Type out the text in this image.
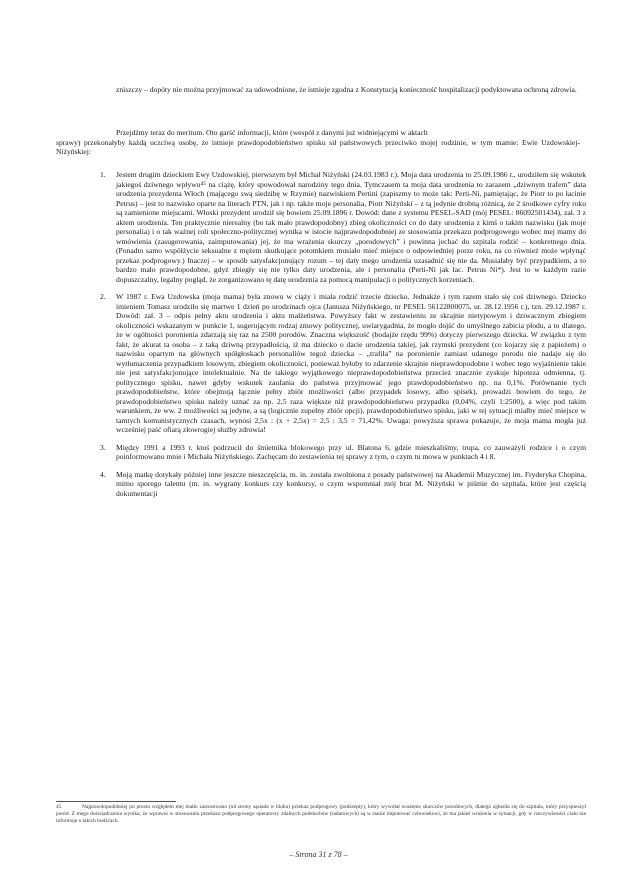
zniszczy – dopóty nie można przyjmować za udowodnione, że istnieje zgodna z Konstytucją konieczność hospitalizacji podyktowana ochroną zdrowia.

Przejdźmy teraz do meritum. Oto garść informacji, które (wespół z danymi już widniejącymi w aktach
sprawy) przekonałyby każdą uczciwą osobę, że istnieje prawdopodobieństwo spisku sił państwowych przeciwko mojej rodzinie, w tym mamie: Ewie Uzdowskiej-Niżyńskiej:
1. Jestem drugim dzieckiem Ewy Uzdowskiej, pierwszym był Michał Niżyński (24.03.1983 r.). Moja data urodzenia to 25.09.1986 r., urodziłem się wskutek jakiegoś dziwnego wpływu⁴⁵ na ciążę, który spowodował narodziny tego dnia. Tymczasem ta moja data urodzenia to zarazem „dziwnym trafem” data urodzenia prezydenta Włoch (mającego swą siedzibę w Rzymie) nazwiskiem Pertini (zapiszmy to może tak: Perti-Ni, pamiętając, że Piotr to po łacinie Petrus) – jest to nazwisko oparte na literach PTN, jak i np. także moje personalia, Piotr Niżyński – z tą jedynie drobną różnicą, że 2 środkowe cyfry roku są zamienione miejscami. Włoski prezydent urodził się bowiem 25.09.1896 r. Dowód: dane z systemu PESEL-SAD (mój PESEL: 86092501434), zał. 3 z aktem urodzenia. Ten praktycznie nierealny (bo tak mało prawdopodobny) zbieg okoliczności co do daty urodzenia z kimś o takim nazwisku (jak moje personalia) i o tak ważnej roli społeczno-politycznej wynika w istocie najprawdopodobniej ze stosowania przekazu podprogowego wobec mej mamy do wmówienia (zasugerowania, zaimputowania) jej, że ma wrażenia skurczy „porodowych” i powinna jechać do szpitala rodzić – konkretnego dnia. (Ponadto samo współżycie seksualne z mężem skutkujące potomkiem musiało mieć miejsce o odpowiedniej porze roku, na co również może wpłynąć przekaz podprogowy.) Inaczej – w sposób satysfakcjonujący rozum – tej daty mego urodzenia uzasadnić się nie da. Musiałaby być przypadkiem, a to bardzo mało prawdopodobne, gdyż zbiegły się nie tylko daty urodzenia, ale i personalia (Perti-Ni jak łac. Petrus Ni*). Jest to w każdym razie dopuszczalny, legalny pogląd, że zorganizowano tę datę urodzenia za pomocą manipulacji o politycznych korzeniach.
2. W 1987 r. Ewa Uzdowska (moja mama) była znowu w ciąży i miała rodzić trzecie dziecko. Jednakże i tym razem stało się coś dziwnego. Dziecko imieniem Tomasz urodziło się martwe 1 dzień po urodzinach ojca (Janusza Niżyńskiego, nr PESEL 56122800075, ur. 28.12.1956 r.), tzn. 29.12.1987 r. Dowód: zał. 3 – odpis pełny aktu urodzenia i aktu małżeństwa. Powyższy fakt w zestawieniu ze skrajnie nietypowym i dziwacznym zbiegiem okoliczności wskazanym w punkcie 1, sugerującym rodzaj zmowy politycznej, uwiarygadnia, że mogło dojść do umyślnego zabicia płodu, a to dlatego, że w ogólności poronienia zdarzają się raz na 2500 porodów. Znaczna większość (bodajże rzędu 99%) dotyczy pierwszego dziecka. W związku z tym fakt, że akurat ta osoba – z taką dziwną przypadłością, iż ma dziecko o dacie urodzenia takiej, jak rzymski prezydent (co kojarzy się z papieżem) o nazwisku opartym na głównych spółgłoskach personaliów tegoż dziecka – „trafiła” na poronienie zamiast udanego porodu nie nadaje się do wytłumaczenia przypadkiem losowym, zbiegiem okoliczności, ponieważ byłoby to zdarzenie skrajnie nieprawdopodobne i wobec tego wyjaśnienie takie nie jest satysfakcjonujące intelektualnie. Na tle takiego wyjątkowego nieprawdopodobieństwa przecież znacznie zyskuje hipoteza odmienna, tj. politycznego spisku, nawet gdyby wskutek zaufania do państwa przyjmować jego prawdopodobieństwo np. na 0,1%. Porównanie tych prawdopodobieństw, które obejmują łącznie pełny zbiór możliwości (albo przypadek losowy, albo spisek), prowadzi bowiem do tego, że prawdopodobieństwo spisku należy uznać za np. 2,5 raza większe niż prawdopodobieństwo przypadku (0,04%, czyli 1:2500), a więc pod takim warunkiem, że ww. 2 możliwości są jedyne, a są (logicznie zupełny zbiór opcji), prawdopodobieństwo spisku, jaki w tej sytuacji miałby mieć miejsce w tamtych komunistycznych czasach, wynosi 2,5x : (x + 2,5x) = 2,5 : 3,5 = 71,42%. Uwaga: powyższa sprawa pokazuje, że moja mama mogła już wcześniej paść ofiarą złowrogiej służby zdrowia!
3. Między 1991 a 1993 r. ktoś podrzucił do śmietnika blokowego przy ul. Blatona 6, gdzie mieszkaliśmy, trupa, co zauważyli rodzice i o czym poinformowano mnie i Michała Niżyńskiego. Zachęcam do zestawienia tej sprawy z tym, o czym tu mowa w punktach 4 i 8.
4. Moją matkę dotykały później inne jeszcze nieszczęścia, m. in. została zwolniona z posady państwowej na Akademii Muzycznej im. Fryderyka Chopina, mimo sporego talentu (m. in. wygrany konkurs czy konkursy, o czym wspomniał mój brat M. Niżyński w piśmie do szpitala, które jest częścią dokumentacji
45	Najprawdopodobniej po prostu względem mej matki zastosowano (od strony sąsiada w bloku) przekaz podprogowy (podszepty), który wywołał wrażenie skurczów porodowych, dlatego zgłosiła się do szpitala, który przyspieszył poród. Z mego doświadczenia wynika, że wprawni w stosowaniu przekazu podprogowego operatorzy zdalnych podsłuchów (radarowych) są w stanie imputować człowiekowi, że ma jakieś wrażenia w sytuacji, gdy w rzeczywistości ciało nie informuje o takich bodźcach.
– Strona 31 z 78 –
